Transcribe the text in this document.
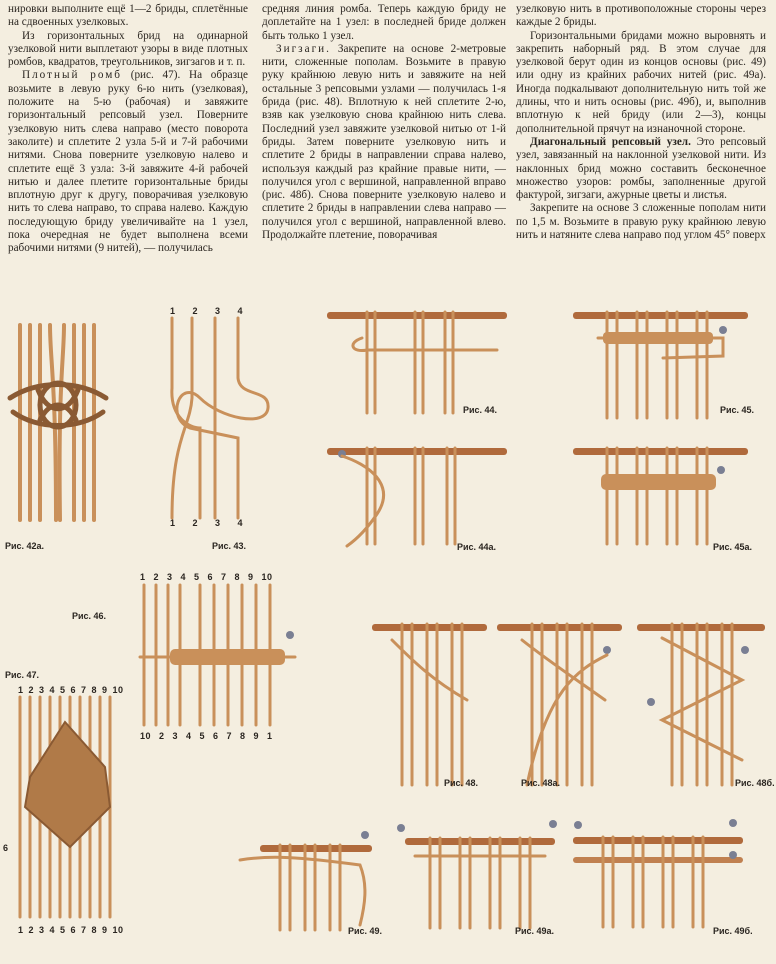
нировки выполните ещё 1—2 бриды, сплетённые на сдвоенных узелковых.

Из горизонтальных брид на одинарной узелковой нити выплетают узоры в виде плотных ромбов, квадратов, треугольников, зигзагов и т. п.

Плотный ромб (рис. 47). На образце возьмите в левую руку 6-ю нить (узелковая), положите на 5-ю (рабочая) и завяжите горизонтальный репсовый узел. Поверните узелковую нить слева направо (место поворота заколите) и сплетите 2 узла 5-й и 7-й рабочими нитями. Снова поверните узелковую налево и сплетите ещё 3 узла: 3-й завяжите 4-й рабочей нитью и далее плетите горизонтальные бриды вплотную друг к другу, поворачивая узелковую нить то слева направо, то справа налево. Каждую последующую бриду увеличивайте на 1 узел, пока очередная не будет выполнена всеми рабочими нитями (9 нитей), — получилась

средняя линия ромба. Теперь каждую бриду не доплетайте на 1 узел: в последней бриде должен быть только 1 узел.

Зигзаги. Закрепите на основе 2-метровые нити, сложенные пополам. Возьмите в правую руку крайнюю левую нить и завяжите на ней остальные 3 репсовыми узлами — получилась 1-я брида (рис. 48). Вплотную к ней сплетите 2-ю, взяв как узелковую снова крайнюю нить слева. Последний узел завяжите узелковой нитью от 1-й бриды. Затем поверните узелковую нить и сплетите 2 бриды в направлении справа налево, используя каждый раз крайние правые нити, — получился угол с вершиной, направленной вправо (рис. 48б). Снова поверните узелковую налево и сплетите 2 бриды в направлении слева направо — получился угол с вершиной, направленной влево. Продолжайте плетение, поворачивая

узелковую нить в противоположные стороны через каждые 2 бриды.

Горизонтальными бридами можно выровнять и закрепить наборный ряд. В этом случае для узелковой берут один из концов основы (рис. 49) или одну из крайних рабочих нитей (рис. 49а). Иногда подкалывают дополнительную нить той же длины, что и нить основы (рис. 49б), и, выполнив вплотную к ней бриду (или 2—3), концы дополнительной прячут на изнаночной стороне.

Диагональный репсовый узел. Это репсовый узел, завязанный на наклонной узелковой нити. Из наклонных брид можно составить бесконечное множество узоров: ромбы, заполненные другой фактурой, зигзаги, ажурные цветы и листья.

Закрепите на основе 3 сложенные пополам нити по 1,5 м. Возьмите в правую руку крайнюю левую нить и натяните слева направо под углом 45° поверх

Рис. 42а.
1 2 3 4
1 2 3 4
Рис. 43.
Рис. 44.	Рис. 45.
Рис. 44а.	Рис. 45а.
1 2 3 4 5 6 7 8 9 10
Рис. 46.
10 2 3 4 5 6 7 8 9 1
Рис. 47.
1 2 3 4 5 6 7 8 9 10
6
1 2 3 4 5 6 7 8 9 10
Рис. 48.	Рис. 48а.	Рис. 48б.
Рис. 49.	Рис. 49а.	Рис. 49б.
